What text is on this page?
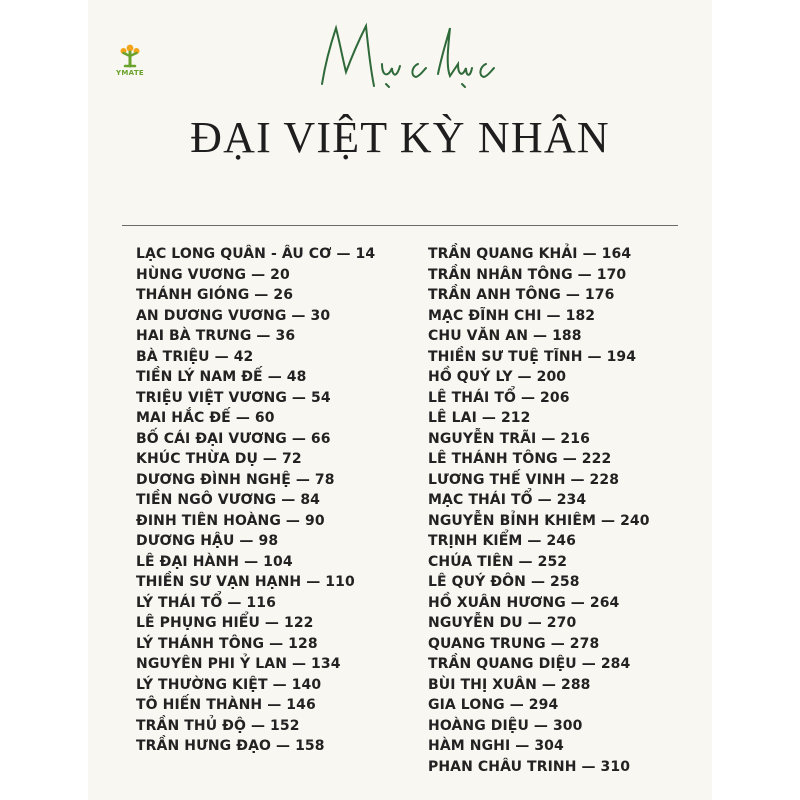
YMATE
ĐẠI VIỆT KỲ NHÂN
LẠC LONG QUÂN - ÂU CƠ — 14
HÙNG VƯƠNG — 20
THÁNH GIÓNG — 26
AN DƯƠNG VƯƠNG — 30
HAI BÀ TRƯNG — 36
BÀ TRIỆU — 42
TIỀN LÝ NAM ĐẾ — 48
TRIỆU VIỆT VƯƠNG — 54
MAI HẮC ĐẾ — 60
BỐ CÁI ĐẠI VƯƠNG — 66
KHÚC THỪA DỤ — 72
DƯƠNG ĐÌNH NGHỆ — 78
TIỀN NGÔ VƯƠNG — 84
ĐINH TIÊN HOÀNG — 90
DƯƠNG HẬU — 98
LÊ ĐẠI HÀNH — 104
THIỀN SƯ VẠN HẠNH — 110
LÝ THÁI TỔ — 116
LÊ PHỤNG HIỂU — 122
LÝ THÁNH TÔNG — 128
NGUYÊN PHI Ỷ LAN — 134
LÝ THƯỜNG KIỆT — 140
TÔ HIẾN THÀNH — 146
TRẦN THỦ ĐỘ — 152
TRẦN HƯNG ĐẠO — 158
TRẦN QUANG KHẢI — 164
TRẦN NHÂN TÔNG — 170
TRẦN ANH TÔNG — 176
MẠC ĐĨNH CHI — 182
CHU VĂN AN — 188
THIỀN SƯ TUỆ TĨNH — 194
HỒ QUÝ LY — 200
LÊ THÁI TỔ — 206
LÊ LAI — 212
NGUYỄN TRÃI — 216
LÊ THÁNH TÔNG — 222
LƯƠNG THẾ VINH — 228
MẠC THÁI TỔ — 234
NGUYỄN BỈNH KHIÊM — 240
TRỊNH KIỂM — 246
CHÚA TIÊN — 252
LÊ QUÝ ĐÔN — 258
HỒ XUÂN HƯƠNG — 264
NGUYỄN DU — 270
QUANG TRUNG — 278
TRẦN QUANG DIỆU — 284
BÙI THỊ XUÂN — 288
GIA LONG — 294
HOÀNG DIỆU — 300
HÀM NGHI — 304
PHAN CHÂU TRINH — 310
